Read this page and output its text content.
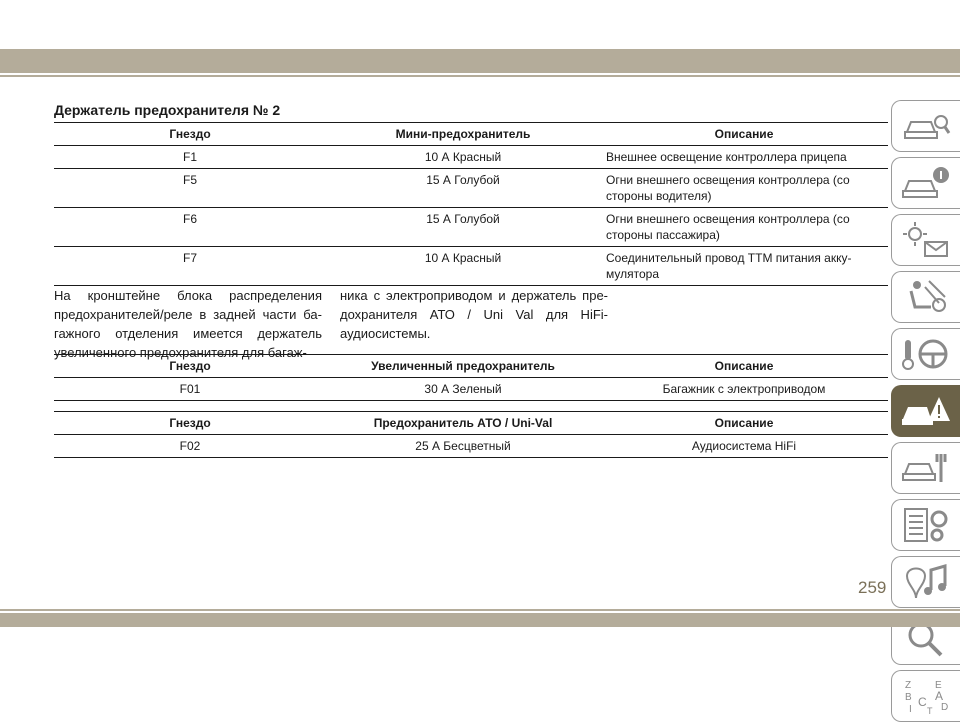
Держатель предохранителя № 2
Гнездо	Мини-предохранитель	Описание
F1	10 А Красный	Внешнее освещение контроллера прицепа
F5	15 А Голубой	Огни внешнего освещения контроллера (со стороны водителя)
F6	15 А Голубой	Огни внешнего освещения контроллера (со стороны пассажира)
F7	10 А Красный	Соединительный провод ТТМ питания акку-мулятора
На кронштейне блока распределения предохранителей/реле в задней части ба-гажного отделения имеется держатель увеличенного предохранителя для багаж-
ника с электроприводом и держатель пре-дохранителя АТО / Uni Val для HiFi-аудиосистемы.
Гнездо	Увеличенный предохранитель	Описание
F01	30 А Зеленый	Багажник с электроприводом

Гнездо	Предохранитель АТО / Uni-Val	Описание
F02	25 А Бесцветный	Аудиосистема HiFi
Z E
B A
C D
I T
259
